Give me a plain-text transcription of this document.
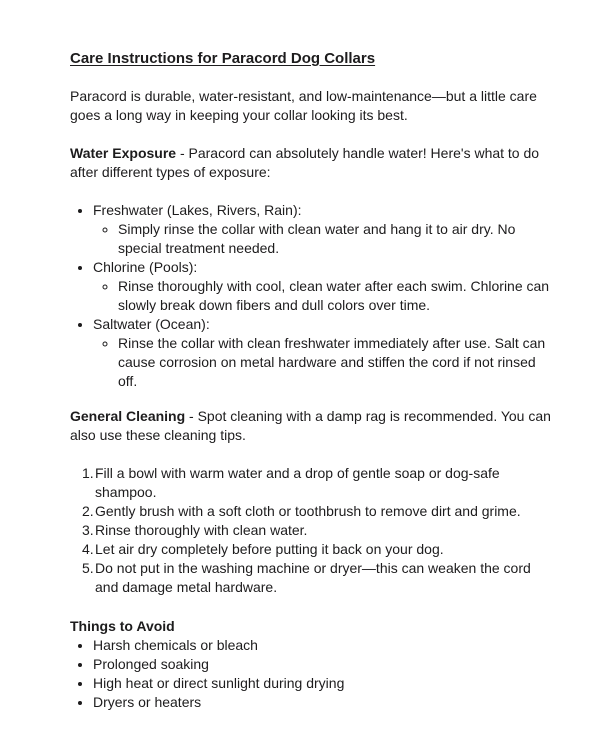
Care Instructions for Paracord Dog Collars

Paracord is durable, water-resistant, and low-maintenance—but a little care goes a long way in keeping your collar looking its best.

Water Exposure - Paracord can absolutely handle water! Here's what to do after different types of exposure:

• Freshwater (Lakes, Rivers, Rain):
◦ Simply rinse the collar with clean water and hang it to air dry. No special treatment needed.
• Chlorine (Pools):
◦ Rinse thoroughly with cool, clean water after each swim. Chlorine can slowly break down fibers and dull colors over time.
• Saltwater (Ocean):
◦ Rinse the collar with clean freshwater immediately after use. Salt can cause corrosion on metal hardware and stiffen the cord if not rinsed off.

General Cleaning - Spot cleaning with a damp rag is recommended. You can also use these cleaning tips.

Fill a bowl with warm water and a drop of gentle soap or dog-safe shampoo.
Gently brush with a soft cloth or toothbrush to remove dirt and grime.
Rinse thoroughly with clean water.
Let air dry completely before putting it back on your dog.
Do not put in the washing machine or dryer—this can weaken the cord and damage metal hardware.

Things to Avoid

• Harsh chemicals or bleach
• Prolonged soaking
• High heat or direct sunlight during drying
• Dryers or heaters
